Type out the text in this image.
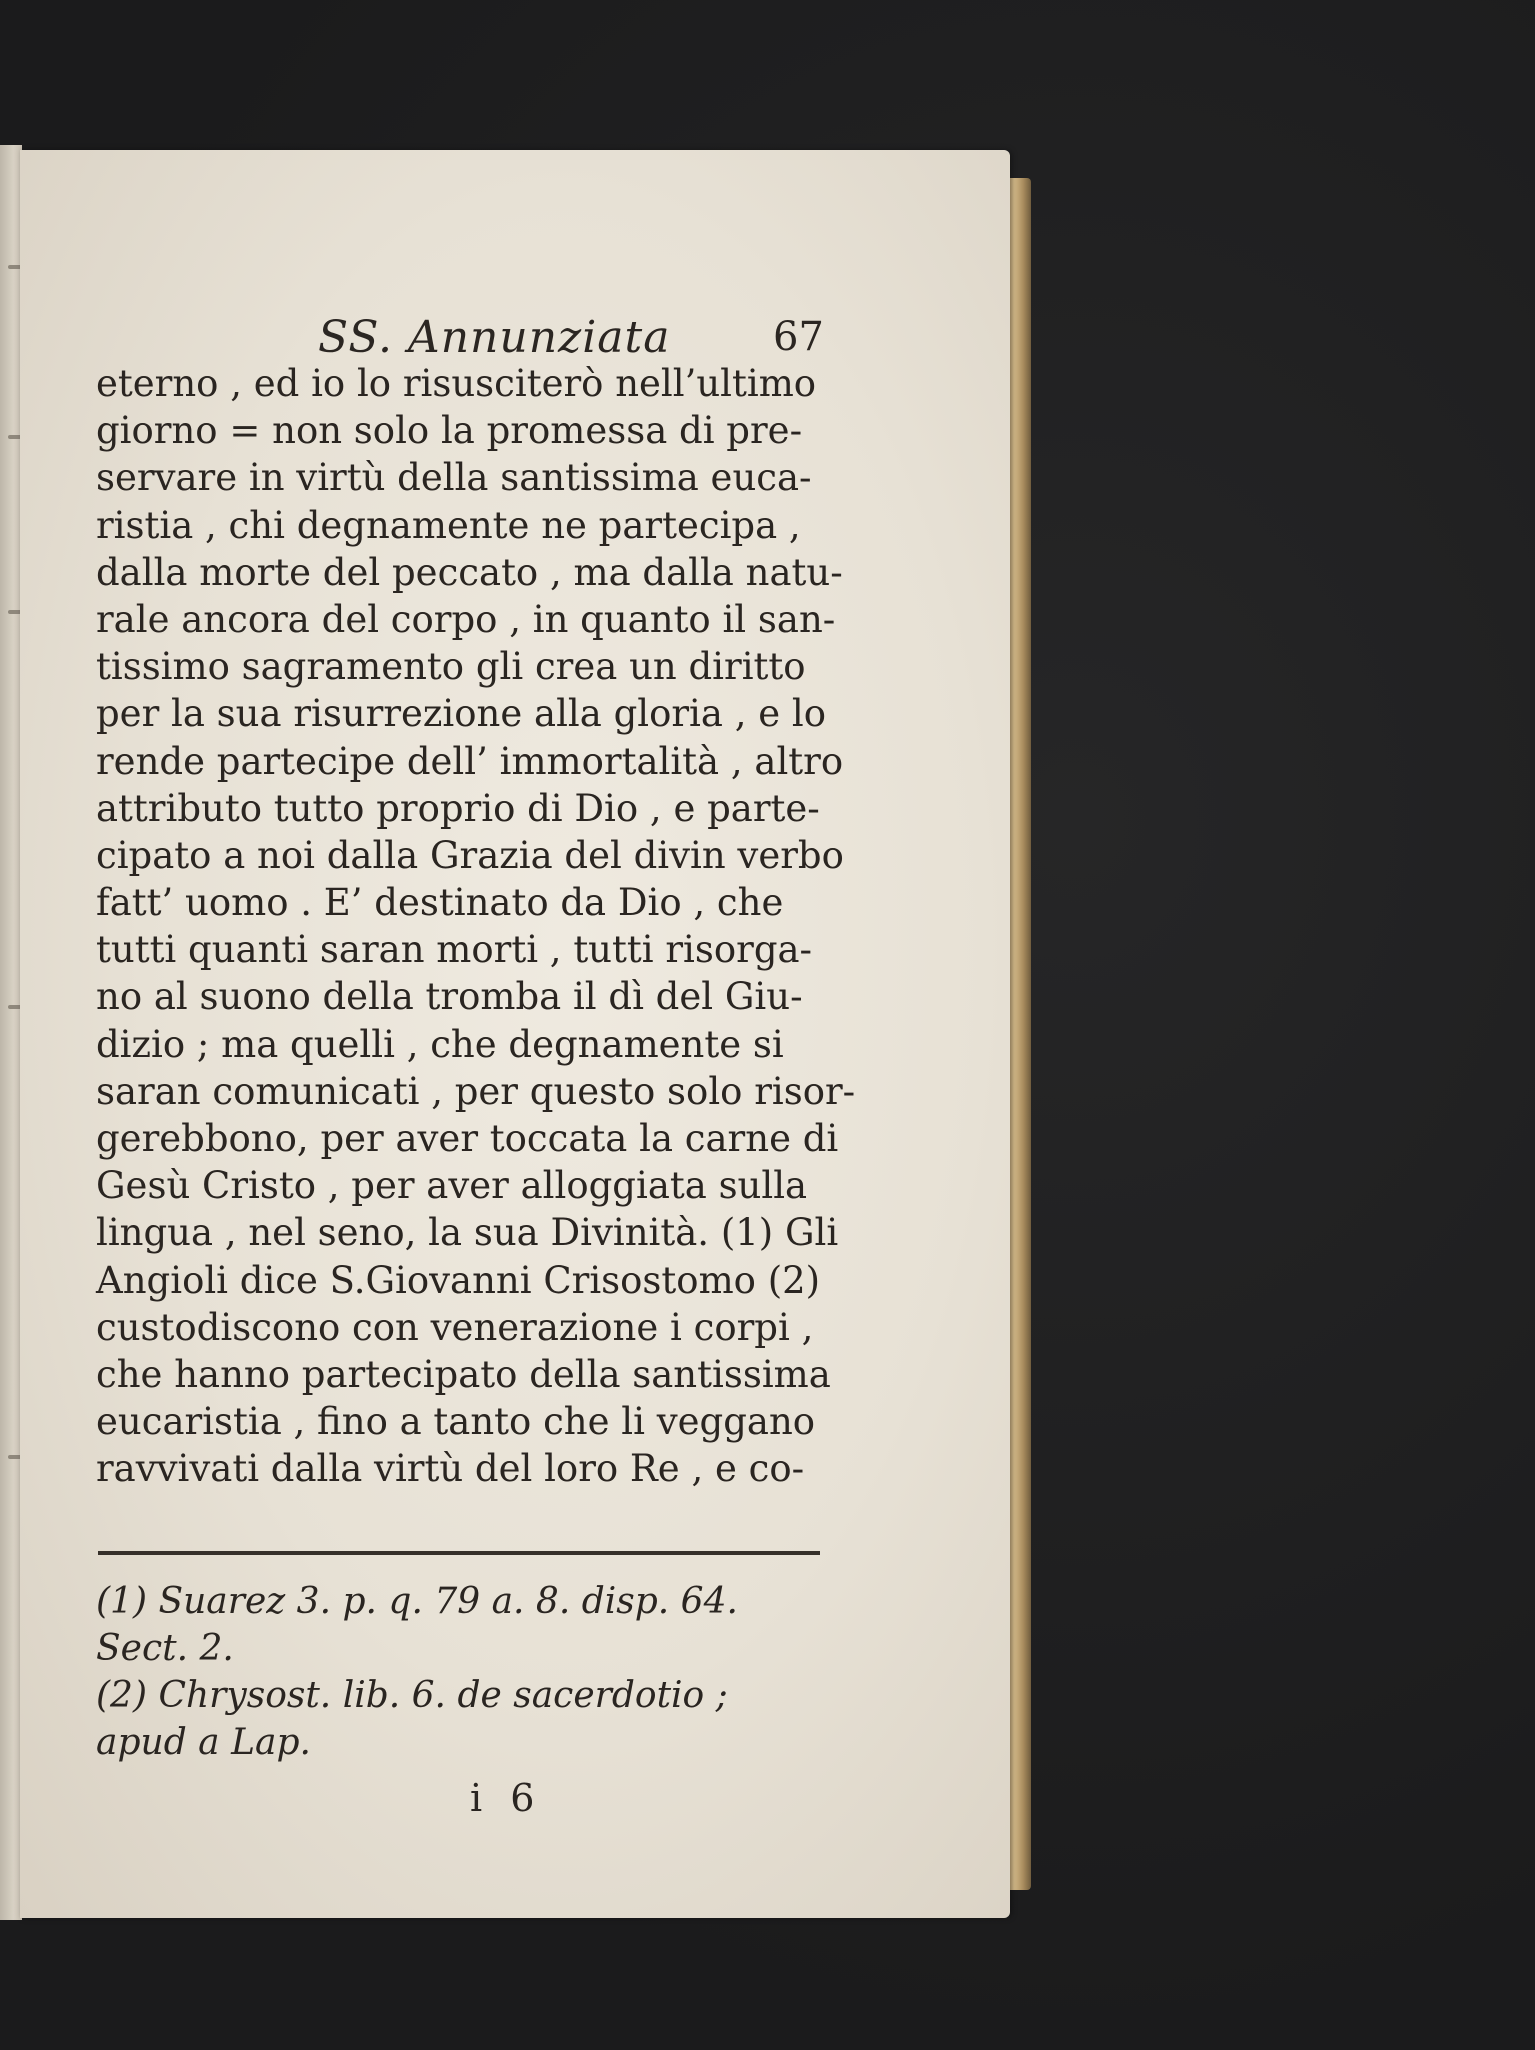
SS. Annunziata	67
eterno , ed io lo risusciterò nell’ultimo
giorno = non solo la promessa di pre-
servare in virtù della santissima euca-
ristia , chi degnamente ne partecipa ,
dalla morte del peccato , ma dalla natu-
rale ancora del corpo , in quanto il san-
tissimo sagramento gli crea un diritto
per la sua risurrezione alla gloria , e lo
rende partecipe dell’ immortalità , altro
attributo tutto proprio di Dio , e parte-
cipato a noi dalla Grazia del divin verbo
fatt’ uomo . E’ destinato da Dio , che
tutti quanti saran morti , tutti risorga-
no al suono della tromba il dì del Giu-
dizio ; ma quelli , che degnamente si
saran comunicati , per questo solo risor-
gerebbono, per aver toccata la carne di
Gesù Cristo , per aver alloggiata sulla
lingua , nel seno, la sua Divinità. (1) Gli
Angioli dice S.Giovanni Crisostomo (2)
custodiscono con venerazione i corpi ,
che hanno partecipato della santissima
eucaristia , fino a tanto che li veggano
ravvivati dalla virtù del loro Re , e co-
(1) Suarez 3. p. q. 79 a. 8. disp. 64.
Sect. 2.
(2) Chrysost. lib. 6. de sacerdotio ;
apud a Lap.
i 6
